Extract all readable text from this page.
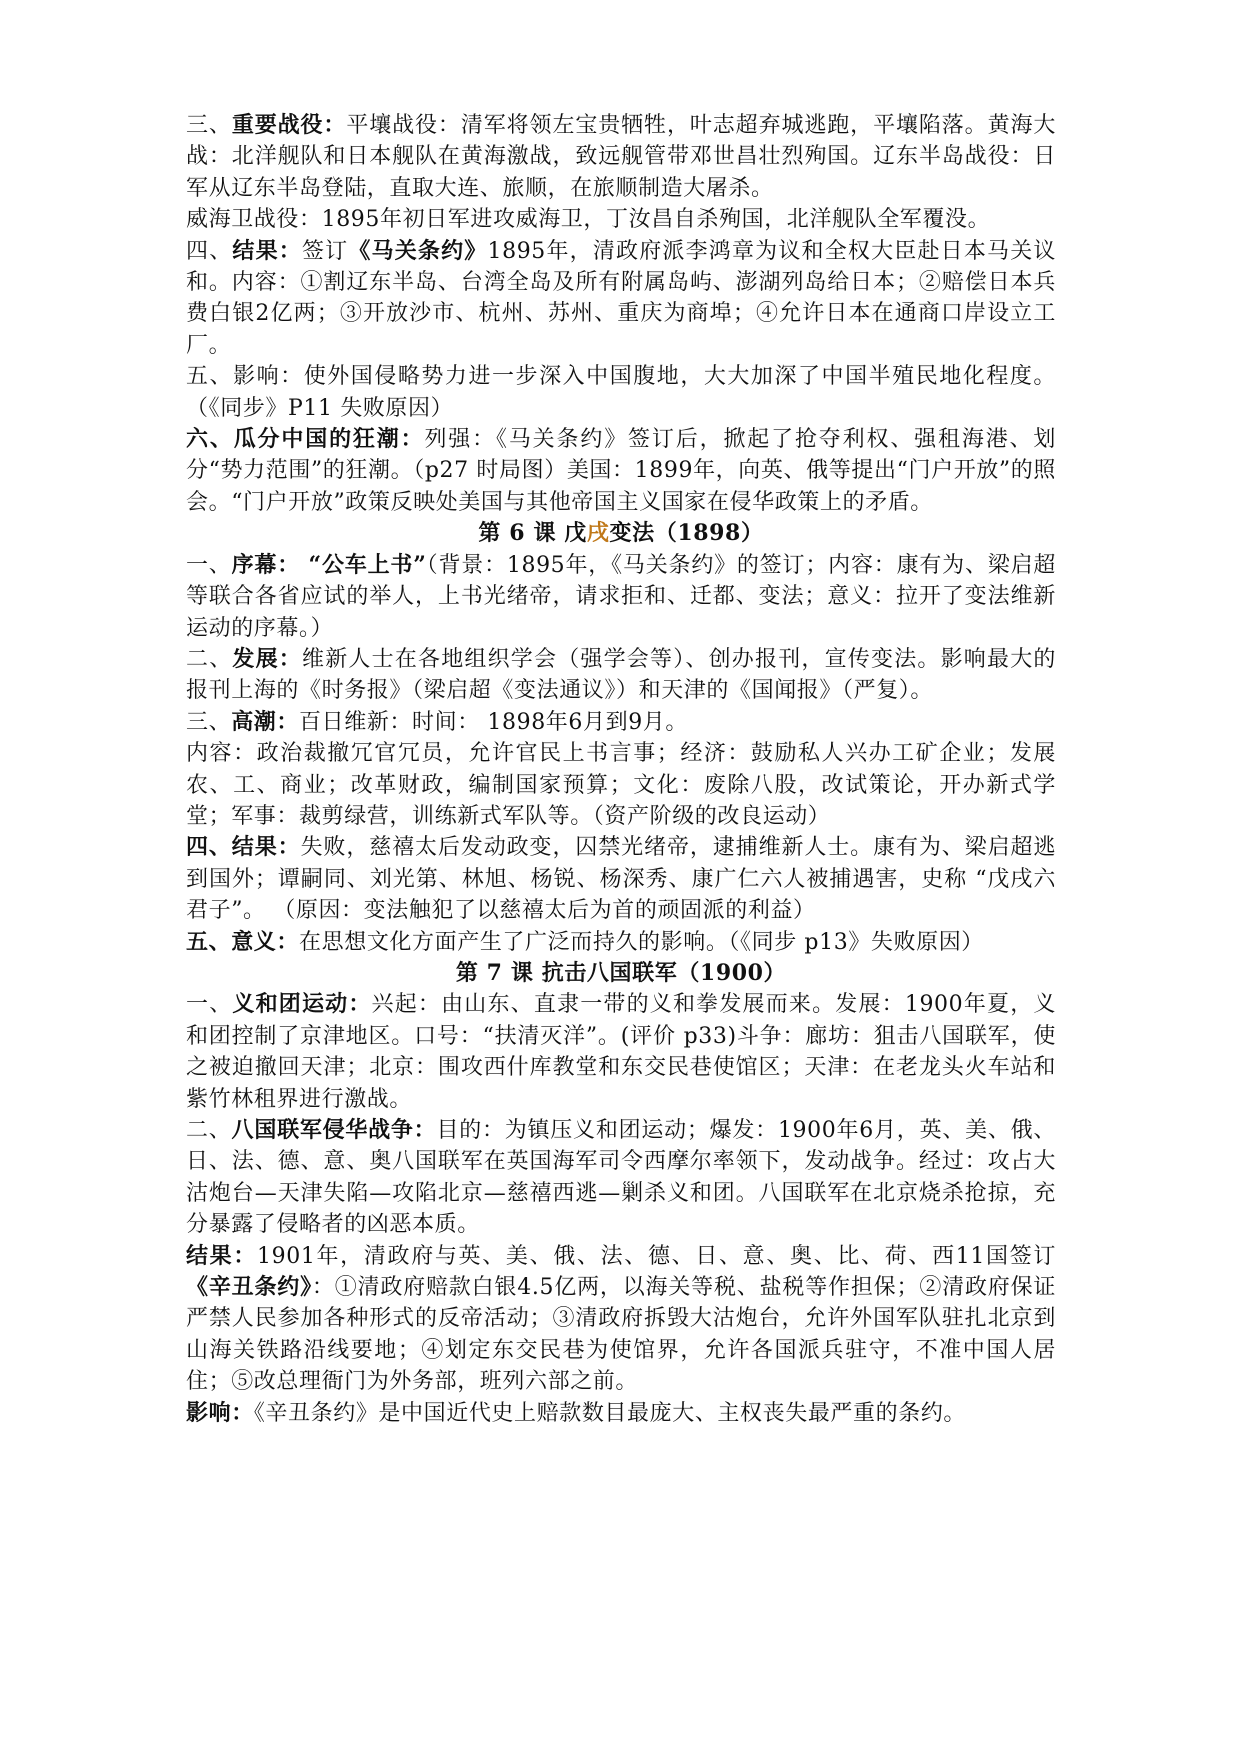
三、重要战役：平壤战役：清军将领左宝贵牺牲，叶志超弃城逃跑，平壤陷落。黄海大战：北洋舰队和日本舰队在黄海激战，致远舰管带邓世昌壮烈殉国。辽东半岛战役：日军从辽东半岛登陆，直取大连、旅顺，在旅顺制造大屠杀。

威海卫战役：1895年初日军进攻威海卫，丁汝昌自杀殉国，北洋舰队全军覆没。

四、结果：签订《马关条约》1895年，清政府派李鸿章为议和全权大臣赴日本马关议和。内容：①割辽东半岛、台湾全岛及所有附属岛屿、澎湖列岛给日本；②赔偿日本兵费白银2亿两；③开放沙市、杭州、苏州、重庆为商埠；④允许日本在通商口岸设立工厂。

五、影响：使外国侵略势力进一步深入中国腹地，大大加深了中国半殖民地化程度。（《同步》P11 失败原因）

六、瓜分中国的狂潮：列强：《马关条约》签订后，掀起了抢夺利权、强租海港、划分“势力范围”的狂潮。（p27 时局图）美国：1899年，向英、俄等提出“门户开放”的照会。“门户开放”政策反映处美国与其他帝国主义国家在侵华政策上的矛盾。

第 6 课 戊戌变法（1898）

一、序幕： “公车上书”（背景：1895年，《马关条约》的签订；内容：康有为、梁启超等联合各省应试的举人，上书光绪帝，请求拒和、迁都、变法；意义：拉开了变法维新运动的序幕。）

二、发展：维新人士在各地组织学会（强学会等）、创办报刊，宣传变法。影响最大的报刊上海的《时务报》（梁启超《变法通议》）和天津的《国闻报》（严复）。

三、高潮：百日维新：时间： 1898年6月到9月。

内容：政治裁撤冗官冗员，允许官民上书言事；经济：鼓励私人兴办工矿企业；发展农、工、商业；改革财政，编制国家预算；文化：废除八股，改试策论，开办新式学堂；军事：裁剪绿营，训练新式军队等。（资产阶级的改良运动）

四、结果：失败，慈禧太后发动政变，囚禁光绪帝，逮捕维新人士。康有为、梁启超逃到国外；谭嗣同、刘光第、林旭、杨锐、杨深秀、康广仁六人被捕遇害，史称 “戊戌六君子”。 （原因：变法触犯了以慈禧太后为首的顽固派的利益）

五、意义：在思想文化方面产生了广泛而持久的影响。（《同步 p13》失败原因）

第 7 课 抗击八国联军（1900）

一、义和团运动：兴起：由山东、直隶一带的义和拳发展而来。发展：1900年夏，义和团控制了京津地区。口号：“扶清灭洋”。(评价 p33)斗争：廊坊：狙击八国联军，使之被迫撤回天津；北京：围攻西什库教堂和东交民巷使馆区；天津：在老龙头火车站和紫竹林租界进行激战。

二、八国联军侵华战争：目的：为镇压义和团运动；爆发：1900年6月，英、美、俄、日、法、德、意、奥八国联军在英国海军司令西摩尔率领下，发动战争。经过：攻占大沽炮台—天津失陷—攻陷北京—慈禧西逃—剿杀义和团。八国联军在北京烧杀抢掠，充分暴露了侵略者的凶恶本质。

结果：1901年，清政府与英、美、俄、法、德、日、意、奥、比、荷、西11国签订《辛丑条约》：①清政府赔款白银4.5亿两，以海关等税、盐税等作担保；②清政府保证严禁人民参加各种形式的反帝活动；③清政府拆毁大沽炮台，允许外国军队驻扎北京到山海关铁路沿线要地；④划定东交民巷为使馆界，允许各国派兵驻守，不准中国人居住；⑤改总理衙门为外务部，班列六部之前。

影响：《辛丑条约》是中国近代史上赔款数目最庞大、主权丧失最严重的条约。
